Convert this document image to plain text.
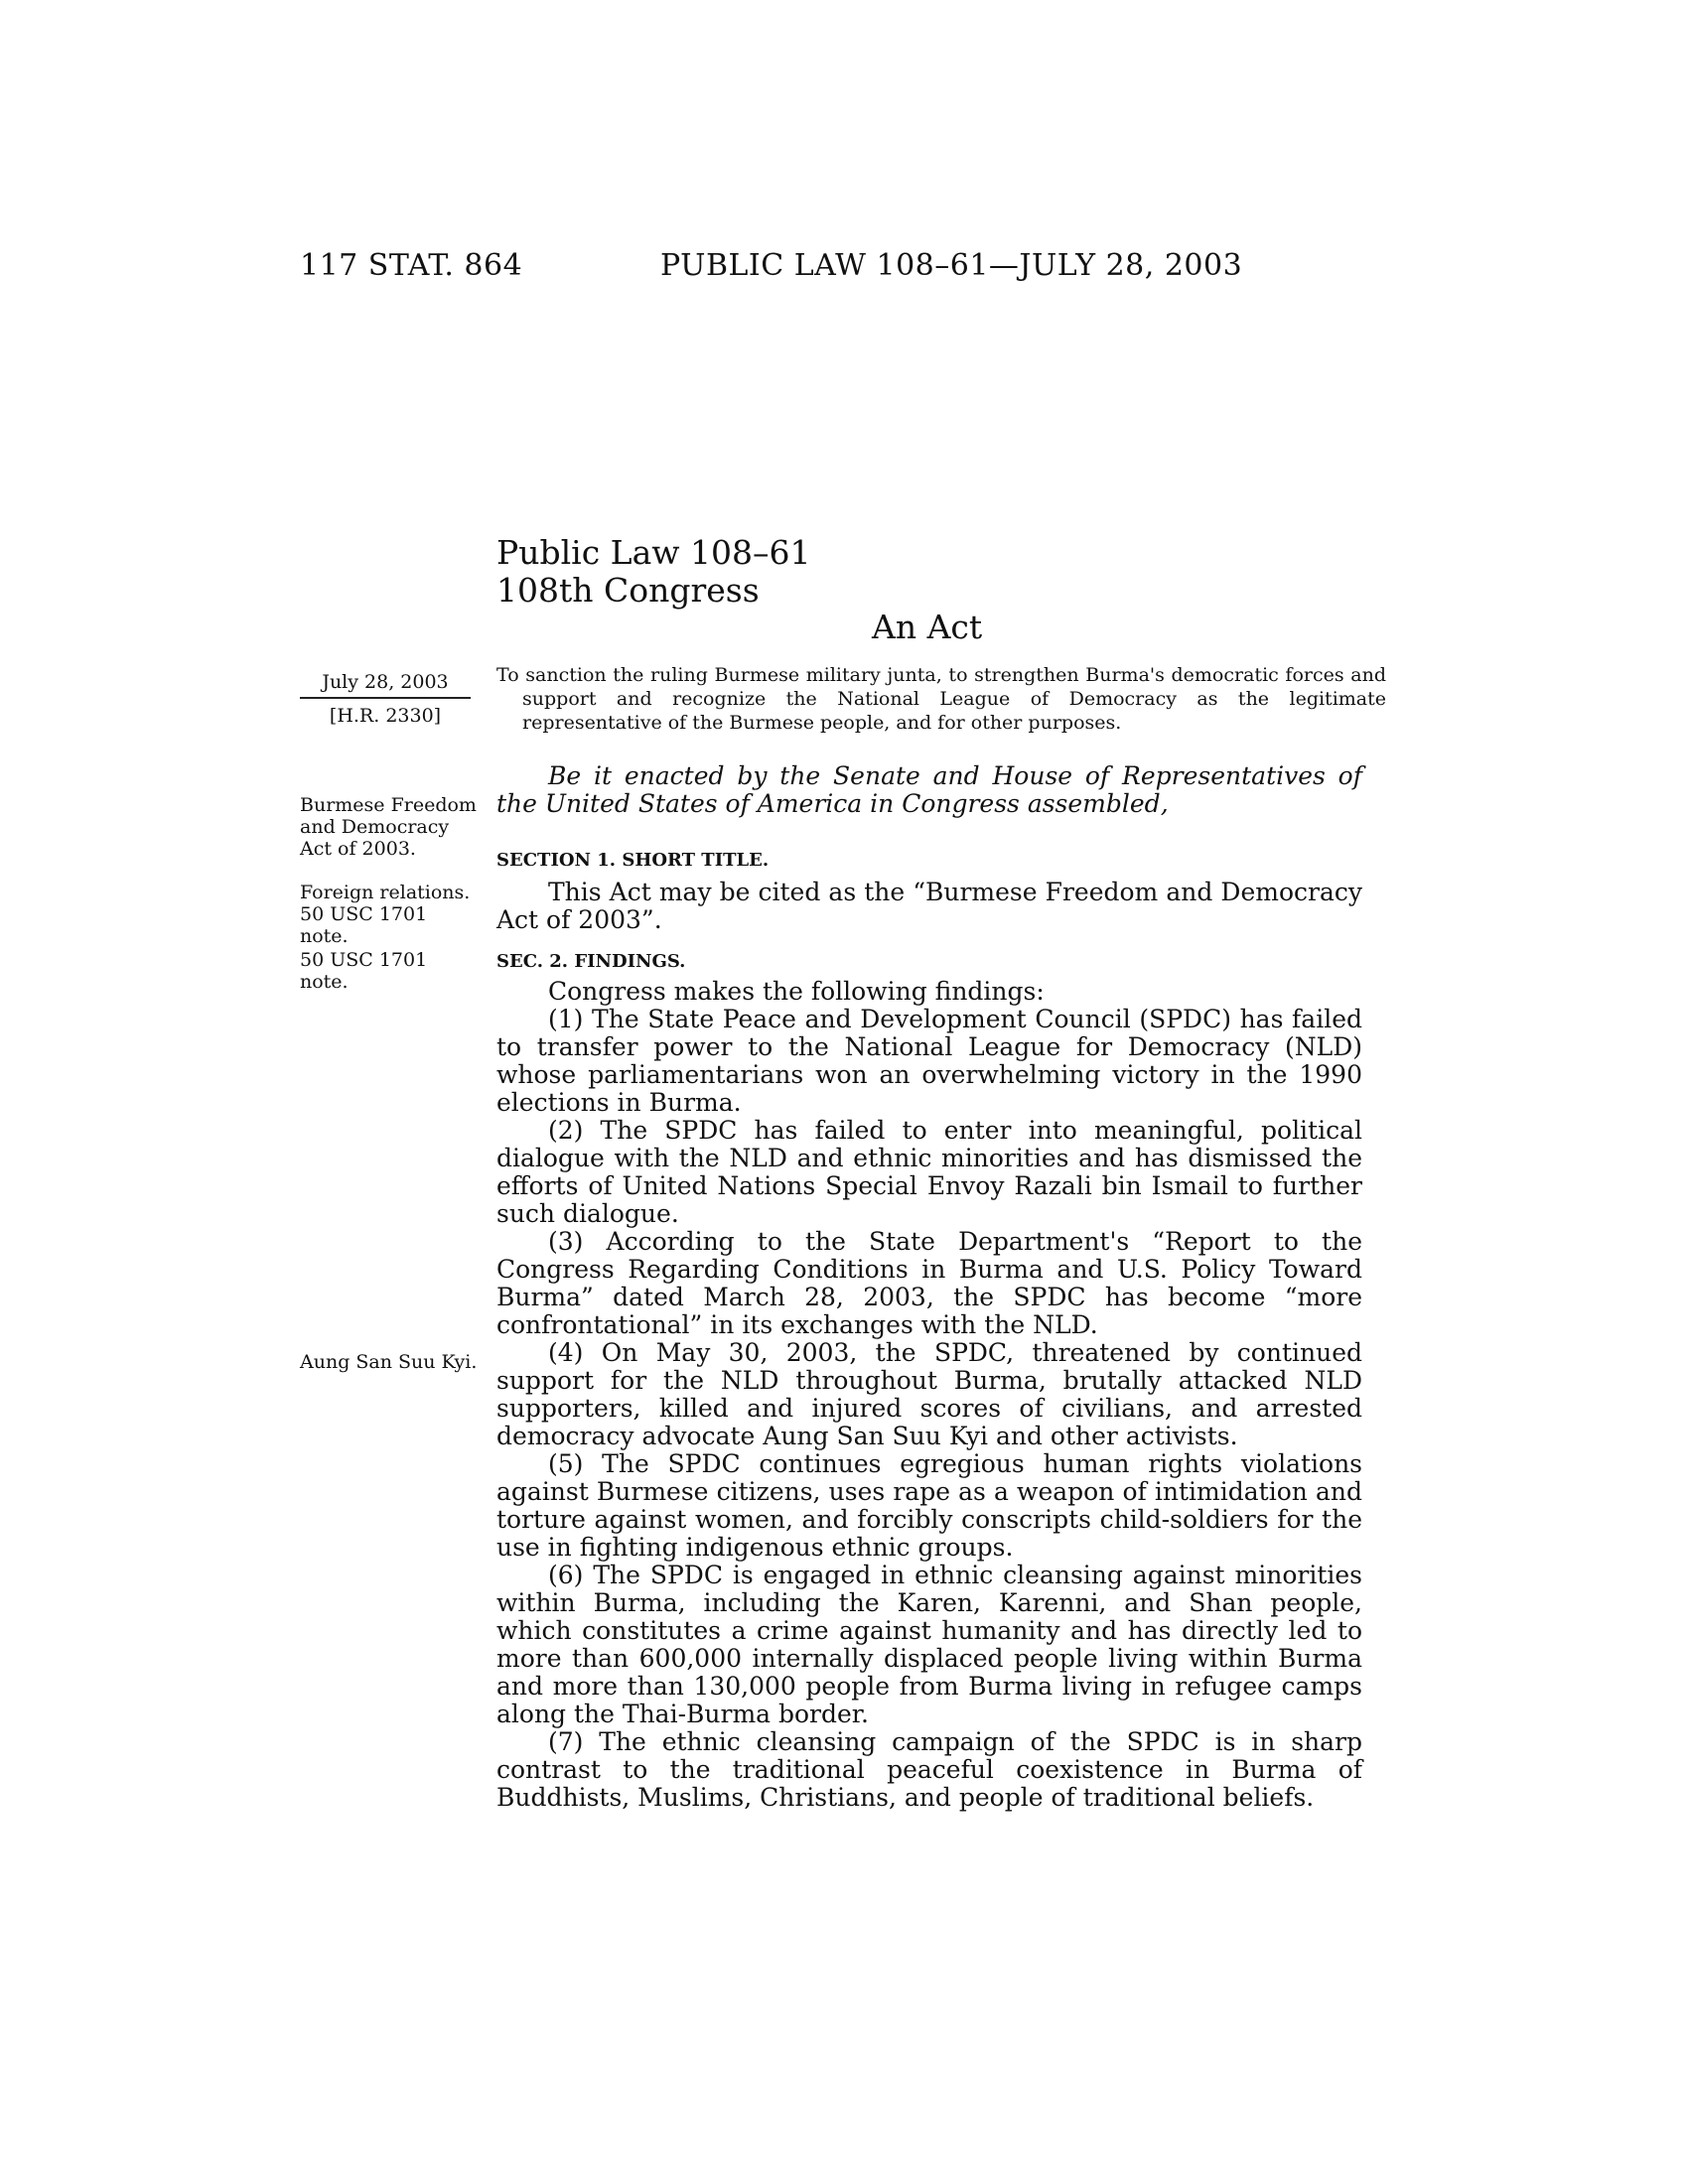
117 STAT. 864	PUBLIC LAW 108–61—JULY 28, 2003
Public Law 108–61
108th Congress
An Act
July 28, 2003
[H.R. 2330]
To sanction the ruling Burmese military junta, to strengthen Burma's democratic forces and support and recognize the National League of Democracy as the legitimate representative of the Burmese people, and for other purposes.
Burmese Freedom and Democracy Act of 2003.
Foreign relations.
50 USC 1701 note.
50 USC 1701 note.
Aung San Suu Kyi.
Be it enacted by the Senate and House of Representatives of the United States of America in Congress assembled,
SECTION 1. SHORT TITLE.
This Act may be cited as the “Burmese Freedom and Democracy Act of 2003”.
SEC. 2. FINDINGS.

Congress makes the following findings:

(1) The State Peace and Development Council (SPDC) has failed to transfer power to the National League for Democracy (NLD) whose parliamentarians won an overwhelming victory in the 1990 elections in Burma.

(2) The SPDC has failed to enter into meaningful, political dialogue with the NLD and ethnic minorities and has dismissed the efforts of United Nations Special Envoy Razali bin Ismail to further such dialogue.

(3) According to the State Department's “Report to the Congress Regarding Conditions in Burma and U.S. Policy Toward Burma” dated March 28, 2003, the SPDC has become “more confrontational” in its exchanges with the NLD.

(4) On May 30, 2003, the SPDC, threatened by continued support for the NLD throughout Burma, brutally attacked NLD supporters, killed and injured scores of civilians, and arrested democracy advocate Aung San Suu Kyi and other activists.

(5) The SPDC continues egregious human rights violations against Burmese citizens, uses rape as a weapon of intimidation and torture against women, and forcibly conscripts child-soldiers for the use in fighting indigenous ethnic groups.

(6) The SPDC is engaged in ethnic cleansing against minorities within Burma, including the Karen, Karenni, and Shan people, which constitutes a crime against humanity and has directly led to more than 600,000 internally displaced people living within Burma and more than 130,000 people from Burma living in refugee camps along the Thai-Burma border.

(7) The ethnic cleansing campaign of the SPDC is in sharp contrast to the traditional peaceful coexistence in Burma of Buddhists, Muslims, Christians, and people of traditional beliefs.
